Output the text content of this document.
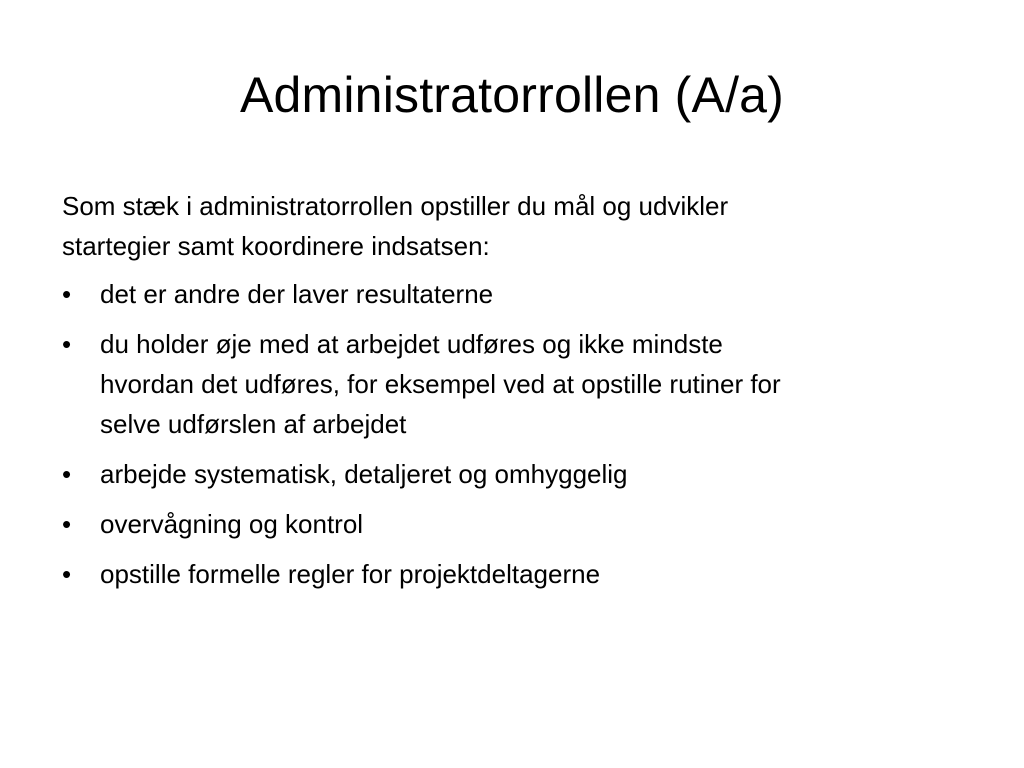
Administratorrollen (A/a)
Som stæk i administratorrollen opstiller du mål og udvikler
startegier samt koordinere indsatsen:
•	det er andre der laver resultaterne
•	du holder øje med at arbejdet udføres og ikke mindste
hvordan det udføres, for eksempel ved at opstille rutiner for
selve udførslen af arbejdet
•	arbejde systematisk, detaljeret og omhyggelig
•	overvågning og kontrol
•	opstille formelle regler for projektdeltagerne
